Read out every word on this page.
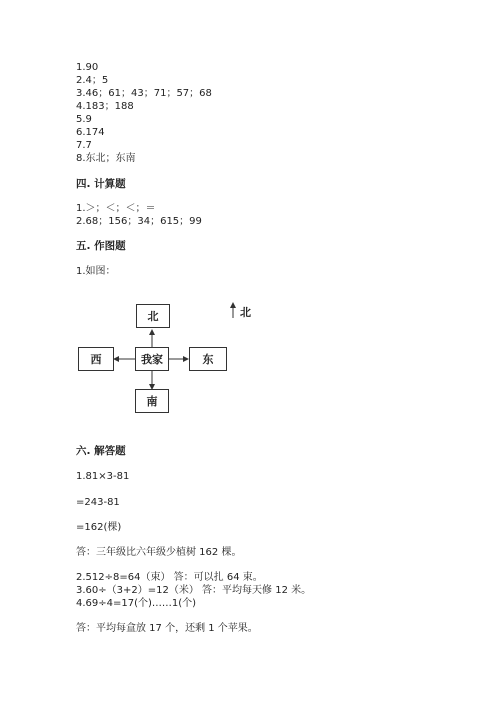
1.90
2.4；5
3.46；61；43；71；57；68
4.183；188
5.9
6.174
7.7
8.东北；东南
四. 计算题
1.＞；＜；＜；＝
2.68；156；34；615；99
五. 作图题
1.如图：
北
我家
西	东
南
北
六. 解答题
1.81×3-81
=243-81
=162(棵)
答：三年级比六年级少植树 162 棵。
2.512÷8=64（束） 答：可以扎 64 束。
3.60÷（3+2）=12（米） 答：平均每天修 12 米。
4.69÷4=17(个)……1(个)
答：平均每盒放 17 个，还剩 1 个苹果。
